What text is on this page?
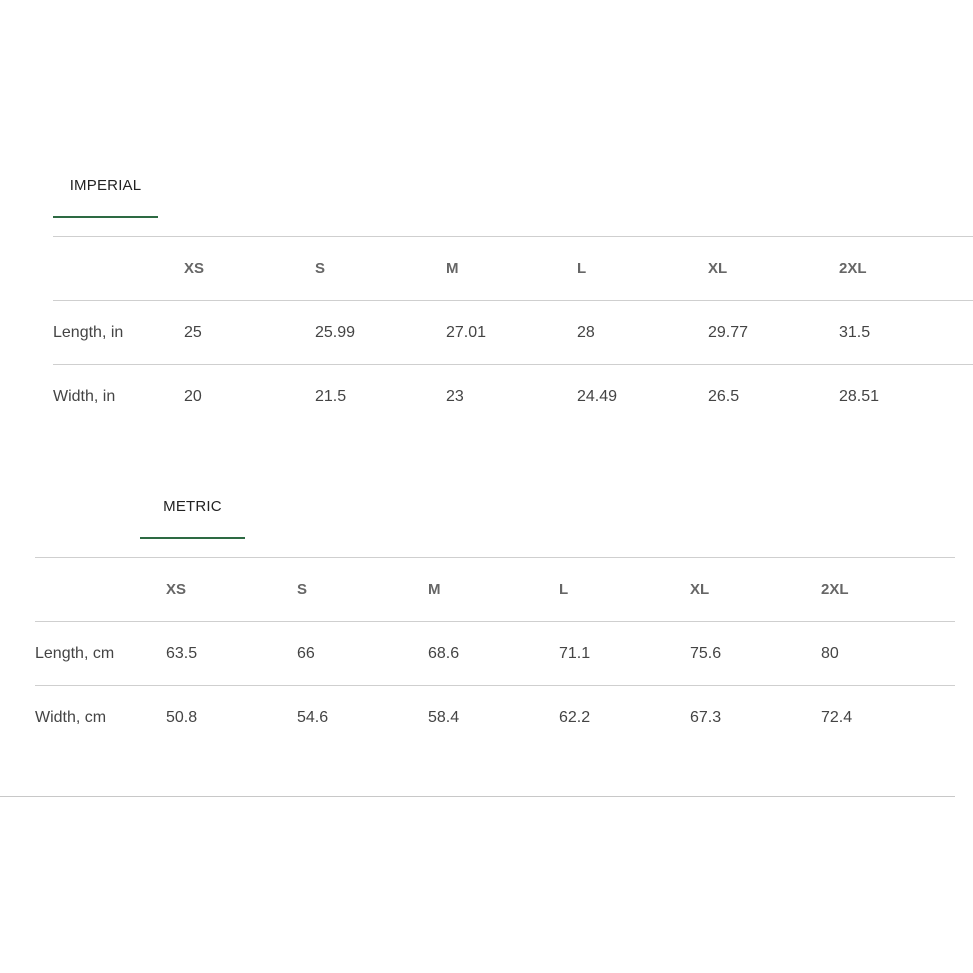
IMPERIAL
	XS	S	M	L	XL	2XL
Length, in	25	25.99	27.01	28	29.77	31.5
Width, in	20	21.5	23	24.49	26.5	28.51
METRIC
	XS	S	M	L	XL	2XL
Length, cm	63.5	66	68.6	71.1	75.6	80
Width, cm	50.8	54.6	58.4	62.2	67.3	72.4
